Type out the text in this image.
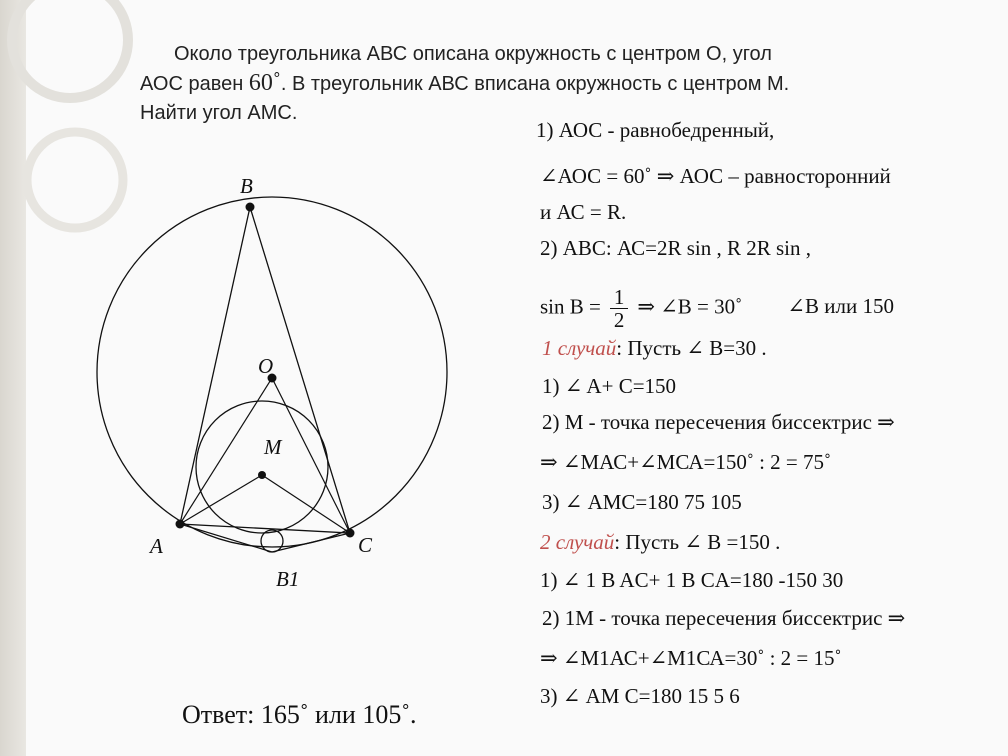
Около треугольника АВС описана окружность с центром О, угол
АОС равен 60˚. В треугольник АВС вписана окружность с центром М.
Найти угол АМС.
B
O
M
A	C
B1
1) АОС - равнобедренный,
∠АОС = 60˚ ⇒ АОС – равносторонний
и АС = R.
2) АВС: АС=2R sin , R 2R sin ,
$\sin B = \frac{1}{2}$ ⇒ ∠B = 30˚ ∠B или 150
1 случай: Пусть ∠ B=30 .
1) ∠ A+ C=150
2) М - точка пересечения биссектрис ⇒
⇒ ∠МАС+∠МСА=150˚ : 2 = 75˚
3) ∠ АМС=180 75 105
2 случай: Пусть ∠ B =150 .
1) ∠ 1 B AC+ 1 B CA=180 -150 30
2) 1М - точка пересечения биссектрис ⇒
⇒ ∠М1АС+∠М1СА=30˚ : 2 = 15˚
3) ∠ АМ С=180 15 5 6
Ответ: 165˚ или 105˚.
